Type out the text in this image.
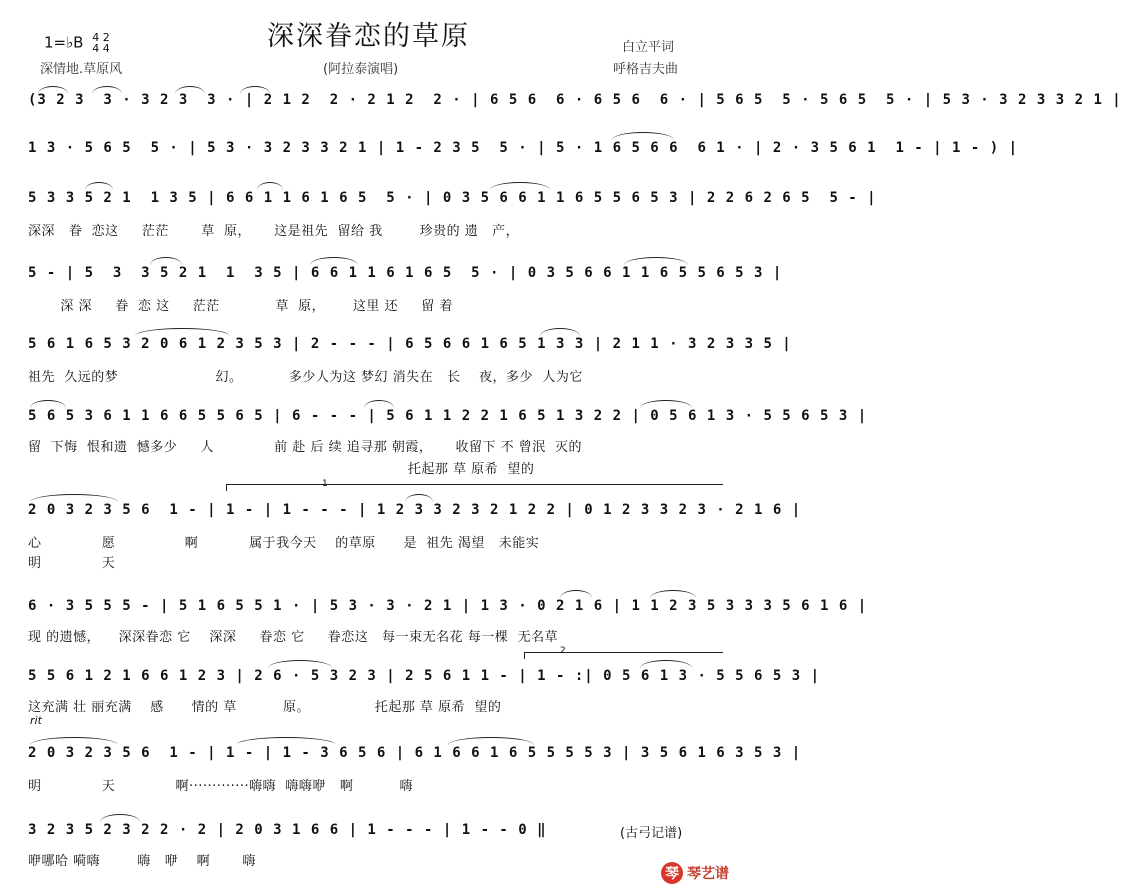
深深眷恋的草原
1=♭B 4 2
4 4	白立平词
深情地.草原风	(阿拉泰演唱)	呼格吉夫曲
(3 2 3  3 · 3 2 3  3 · | 2 1 2  2 · 2 1 2  2 · | 6 5 6  6 · 6 5 6  6 · | 5 6 5  5 · 5 6 5  5 · | 5 3 · 3 2 3 3 2 1 |
1 3 · 5 6 5  5 · | 5 3 · 3 2 3 3 2 1 | 1 - 2 3 5  5 · | 5 · 1 6 5 6 6  6 1 · | 2 · 3 5 6 1  1 - | 1 - ) |
5 3 3 5 2 1  1 3 5 | 6 6 1 1 6 1 6 5  5 · | 0 3 5 6 6 1 1 6 5 5 6 5 3 | 2 2 6 2 6 5  5 - |
深深   眷  恋这     茫茫       草  原，     这是祖先  留给 我        珍贵的 遗   产，
5 - | 5  3  3 5 2 1  1  3 5 | 6 6 1 1 6 1 6 5  5 · | 0 3 5 6 6 1 1 6 5 5 6 5 3 |
深 深     眷  恋 这     茫茫            草  原，      这里 还     留 着
5 6 1 6 5 3 2 0 6 1 2 3 5 3 | 2 - - - | 6 5 6 6 1 6 5 1 3 3 | 2 1 1 · 3 2 3 3 5 |
祖先  久远的梦                     幻。          多少人为这 梦幻 消失在   长    夜，多少  人为它
5 6 5 3 6 1 1 6 6 5 5 6 5 | 6 - - - | 5 6 1 1 2 2 1 6 5 1 3 2 2 | 0 5 6 1 3 · 5 5 6 5 3 |
留  下悔  恨和遗  憾多少     人             前 赴 后 续 追寻那 朝霞，     收留下 不 曾泯  灭的
托起那 草 原希  望的
1
2 0 3 2 3 5 6  1 - | 1 - | 1 - - - | 1 2 3 3 2 3 2 1 2 2 | 0 1 2 3 3 2 3 · 2 1 6 |
心             愿               啊           属于我今天    的草原      是  祖先 渴望   未能实
明             天
6 · 3 5 5 5 - | 5 1 6 5 5 1 · | 5 3 · 3 · 2 1 | 1 3 · 0 2 1 6 | 1 1 2 3 5 3 3 3 5 6 1 6 |
现 的遗憾，    深深眷恋 它    深深     眷恋 它     眷恋这   每一束无名花 每一棵  无名草
2
5 5 6 1 2 1 6 6 1 2 3 | 2 6 · 5 3 2 3 | 2 5 6 1 1 - | 1 - :| 0 5 6 1 3 · 5 5 6 5 3 |
这充满 壮 丽充满    感      情的 草          原。              托起那 草 原希  望的
rit
2 0 3 2 3 5 6  1 - | 1 - | 1 - 3 6 5 6 | 6 1 6 6 1 6 5 5 5 5 3 | 3 5 6 1 6 3 5 3 |
明             天             啊·············嗨嗨  嗨嗨咿   啊          嗨
3 2 3 5 2 3 2 2 · 2 | 2 0 3 1 6 6 | 1 - - - | 1 - - 0 ‖
咿哪哈 嗬嗨        嗨   咿    啊       嗨
(古弓记谱)
琴 琴艺谱
